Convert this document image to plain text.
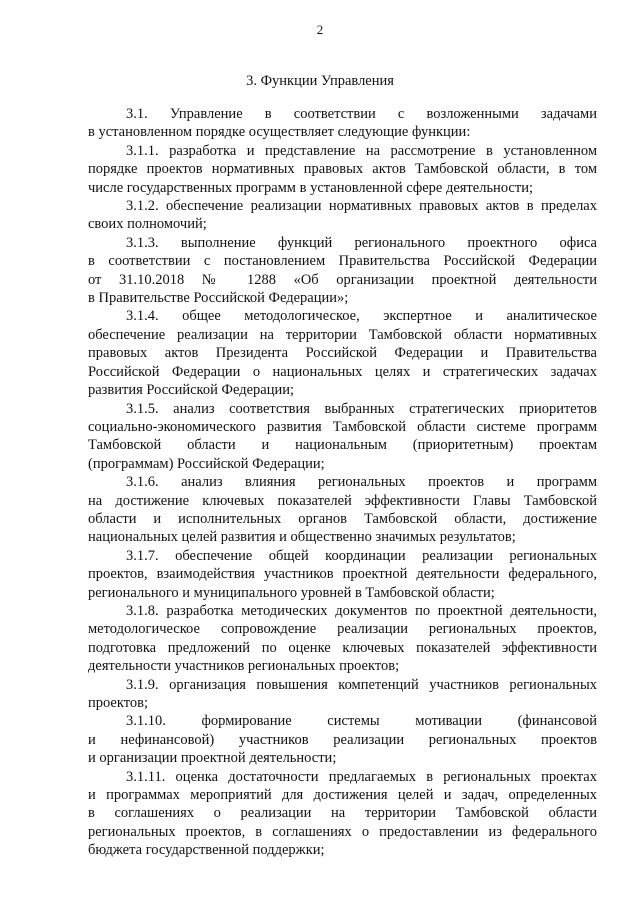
2
3. Функции Управления
3.1. Управление в соответствии с возложенными задачами
в установленном порядке осуществляет следующие функции:
3.1.1. разработка и представление на рассмотрение в установленном
порядке проектов нормативных правовых актов Тамбовской области, в том
числе государственных программ в установленной сфере деятельности;
3.1.2. обеспечение реализации нормативных правовых актов в пределах
своих полномочий;
3.1.3. выполнение функций регионального проектного офиса
в соответствии с постановлением Правительства Российской Федерации
от 31.10.2018 № 1288 «Об организации проектной деятельности
в Правительстве Российской Федерации»;
3.1.4. общее методологическое, экспертное и аналитическое
обеспечение реализации на территории Тамбовской области нормативных
правовых актов Президента Российской Федерации и Правительства
Российской Федерации о национальных целях и стратегических задачах
развития Российской Федерации;
3.1.5. анализ соответствия выбранных стратегических приоритетов
социально-экономического развития Тамбовской области системе программ
Тамбовской области и национальным (приоритетным) проектам
(программам) Российской Федерации;
3.1.6. анализ влияния региональных проектов и программ
на достижение ключевых показателей эффективности Главы Тамбовской
области и исполнительных органов Тамбовской области, достижение
национальных целей развития и общественно значимых результатов;
3.1.7. обеспечение общей координации реализации региональных
проектов, взаимодействия участников проектной деятельности федерального,
регионального и муниципального уровней в Тамбовской области;
3.1.8. разработка методических документов по проектной деятельности,
методологическое сопровождение реализации региональных проектов,
подготовка предложений по оценке ключевых показателей эффективности
деятельности участников региональных проектов;
3.1.9. организация повышения компетенций участников региональных
проектов;
3.1.10. формирование системы мотивации (финансовой
и нефинансовой) участников реализации региональных проектов
и организации проектной деятельности;
3.1.11. оценка достаточности предлагаемых в региональных проектах
и программах мероприятий для достижения целей и задач, определенных
в соглашениях о реализации на территории Тамбовской области
региональных проектов, в соглашениях о предоставлении из федерального
бюджета государственной поддержки;
